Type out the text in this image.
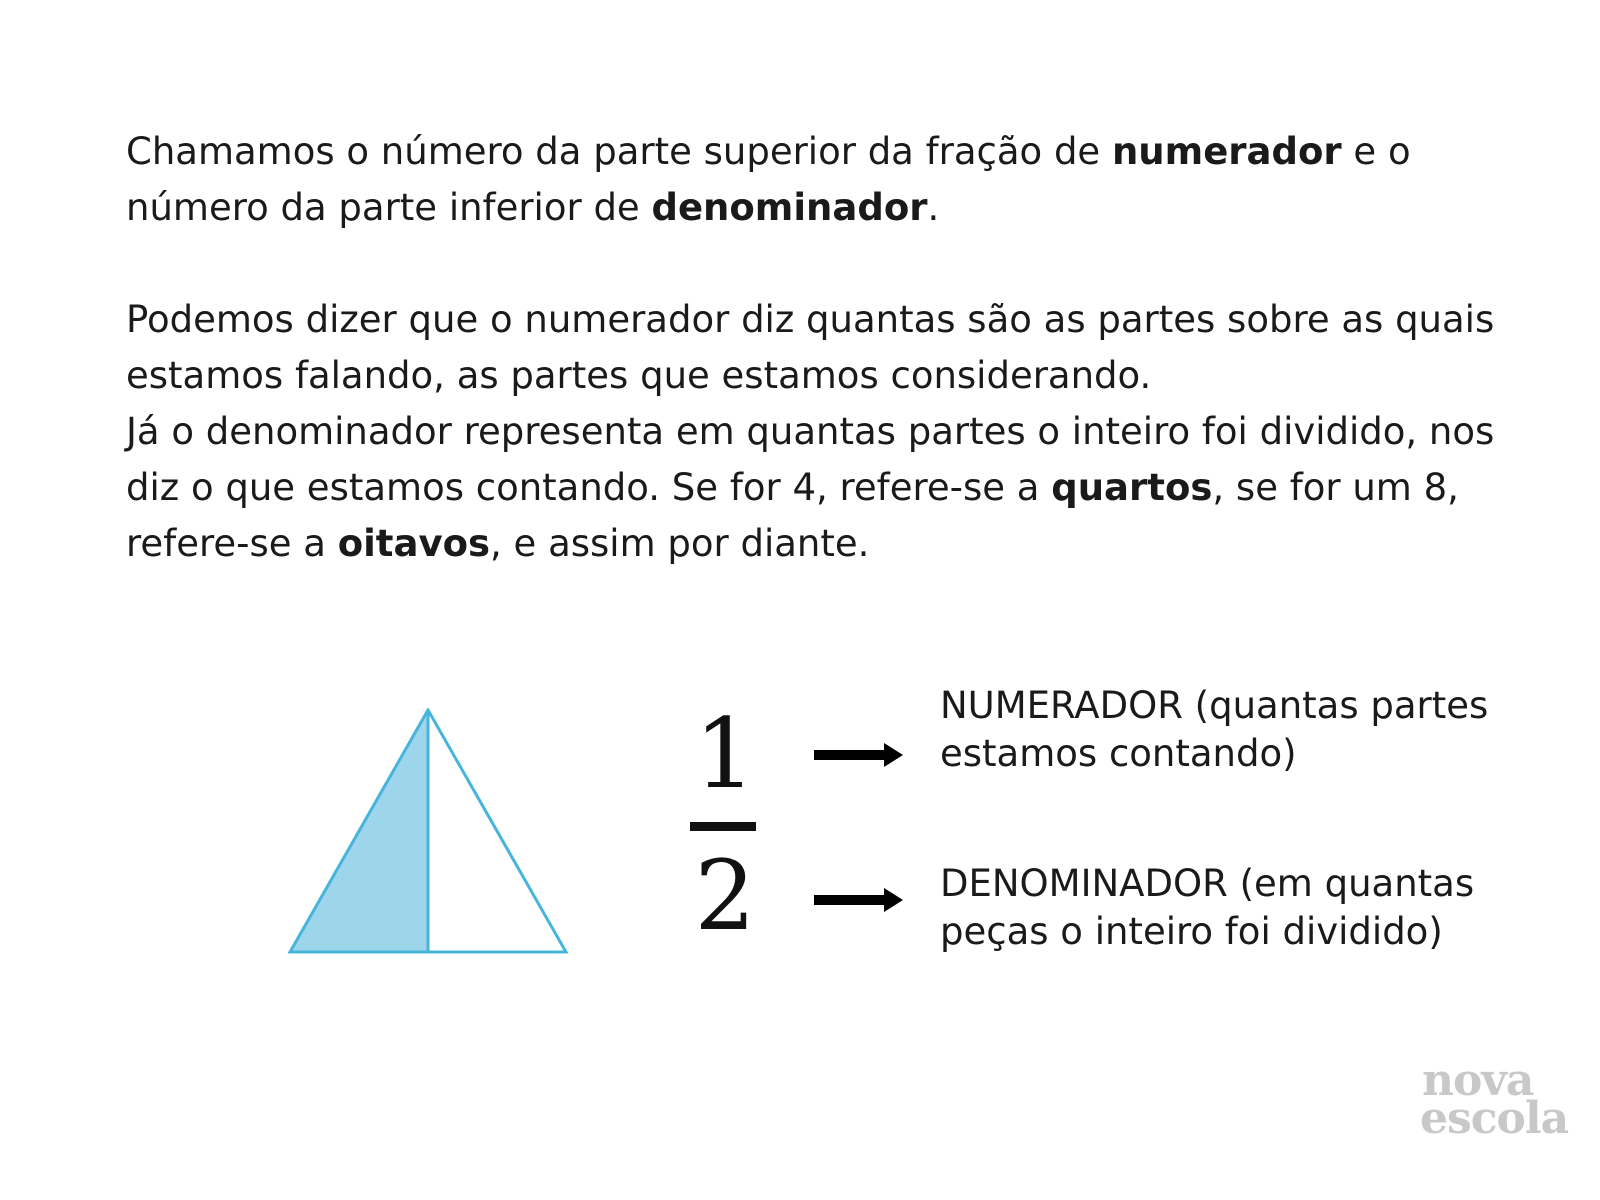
Chamamos o número da parte superior da fração de numerador e o
número da parte inferior de denominador.

Podemos dizer que o numerador diz quantas são as partes sobre as quais
estamos falando, as partes que estamos considerando.
Já o denominador representa em quantas partes o inteiro foi dividido, nos
diz o que estamos contando. Se for 4, refere-se a quartos, se for um 8,
refere-se a oitavos, e assim por diante.

1
2

NUMERADOR (quantas partes
estamos contando)

DENOMINADOR (em quantas
peças o inteiro foi dividido)

nova
escola
